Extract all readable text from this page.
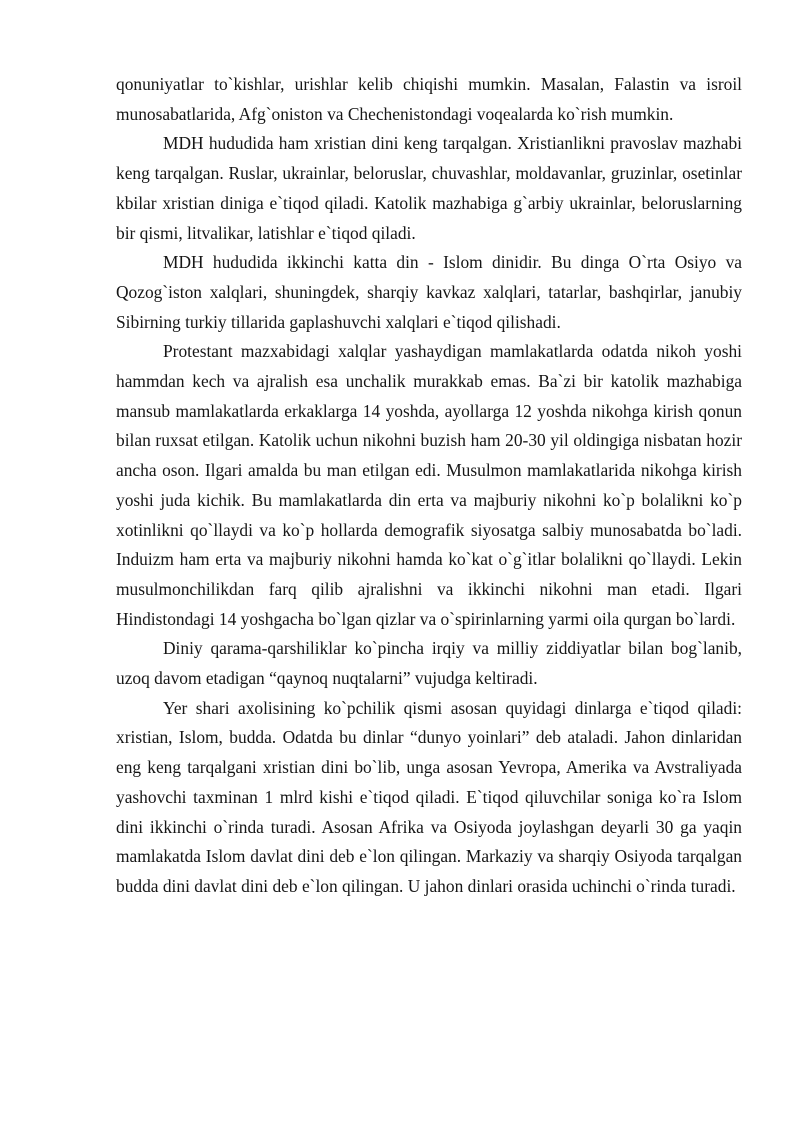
qonuniyatlar to`kishlar, urishlar kelib chiqishi mumkin. Masalan, Falastin va isroil munosabatlarida, Afg`oniston va Chechenistondagi voqealarda ko`rish mumkin.

MDH hududida ham xristian dini keng tarqalgan. Xristianlikni pravoslav mazhabi keng tarqalgan. Ruslar, ukrainlar, beloruslar, chuvashlar, moldavanlar, gruzinlar, osetinlar kbilar xristian diniga e`tiqod qiladi. Katolik mazhabiga g`arbiy ukrainlar, beloruslarning bir qismi, litvalikar, latishlar e`tiqod qiladi.

MDH hududida ikkinchi katta din - Islom dinidir. Bu dinga O`rta Osiyo va Qozog`iston xalqlari, shuningdek, sharqiy kavkaz xalqlari, tatarlar, bashqirlar, janubiy Sibirning turkiy tillarida gaplashuvchi xalqlari e`tiqod qilishadi.

Protestant mazxabidagi xalqlar yashaydigan mamlakatlarda odatda nikoh yoshi hammdan kech va ajralish esa unchalik murakkab emas. Ba`zi bir katolik mazhabiga mansub mamlakatlarda erkaklarga 14 yoshda, ayollarga 12 yoshda nikohga kirish qonun bilan ruxsat etilgan. Katolik uchun nikohni buzish ham 20-30 yil oldingiga nisbatan hozir ancha oson. Ilgari amalda bu man etilgan edi. Musulmon mamlakatlarida nikohga kirish yoshi juda kichik. Bu mamlakatlarda din erta va majburiy nikohni ko`p bolalikni ko`p xotinlikni qo`llaydi va ko`p hollarda demografik siyosatga salbiy munosabatda bo`ladi. Induizm ham erta va majburiy nikohni hamda ko`kat o`g`itlar bolalikni qo`llaydi. Lekin musulmonchilikdan farq qilib ajralishni va ikkinchi nikohni man etadi. Ilgari Hindistondagi 14 yoshgacha bo`lgan qizlar va o`spirinlarning yarmi oila qurgan bo`lardi.

Diniy qarama-qarshiliklar ko`pincha irqiy va milliy ziddiyatlar bilan bog`lanib, uzoq davom etadigan “qaynoq nuqtalarni” vujudga keltiradi.

Yer shari axolisining ko`pchilik qismi asosan quyidagi dinlarga e`tiqod qiladi: xristian, Islom, budda. Odatda bu dinlar “dunyo yoinlari” deb ataladi. Jahon dinlaridan eng keng tarqalgani xristian dini bo`lib, unga asosan Yevropa, Amerika va Avstraliyada yashovchi taxminan 1 mlrd kishi e`tiqod qiladi. E`tiqod qiluvchilar soniga ko`ra Islom dini ikkinchi o`rinda turadi. Asosan Afrika va Osiyoda joylashgan deyarli 30 ga yaqin mamlakatda Islom davlat dini deb e`lon qilingan. Markaziy va sharqiy Osiyoda tarqalgan budda dini davlat dini deb e`lon qilingan. U jahon dinlari orasida uchinchi o`rinda turadi.
